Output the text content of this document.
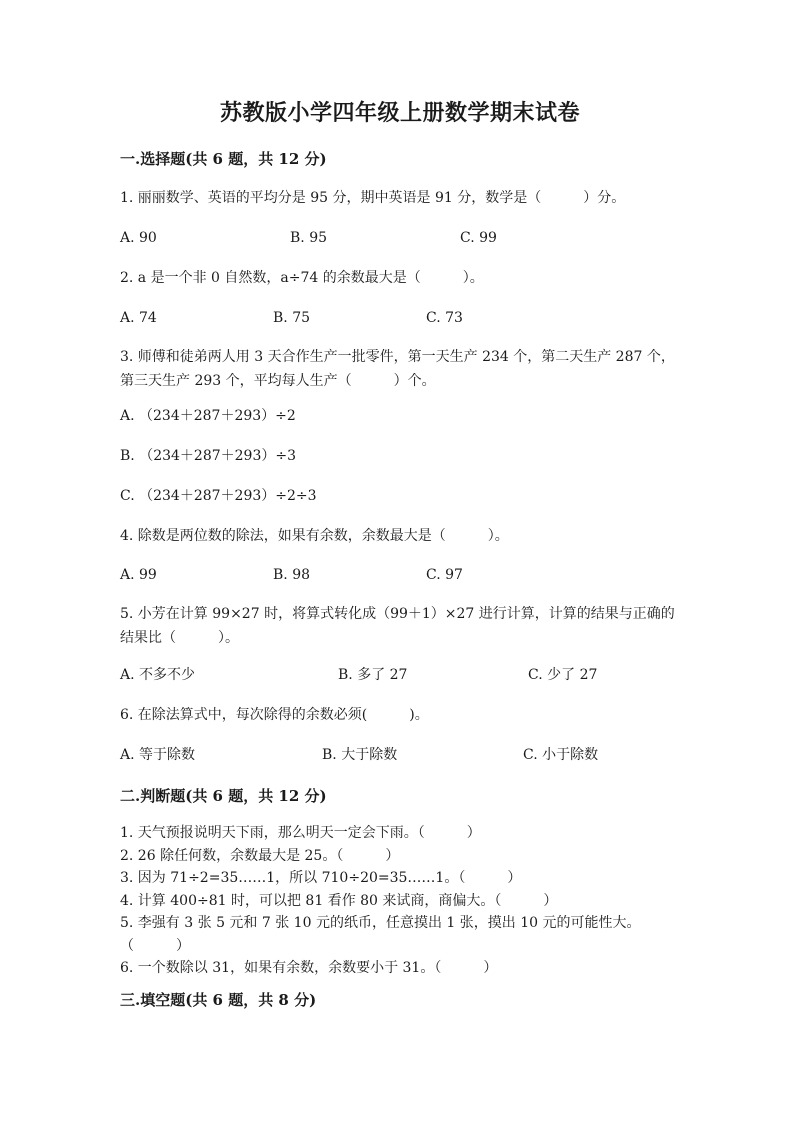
苏教版小学四年级上册数学期末试卷
一.选择题(共 6 题，共 12 分)
1. 丽丽数学、英语的平均分是 95 分，期中英语是 91 分，数学是（　　　）分。
A. 90	B. 95	C. 99
2. a 是一个非 0 自然数，a÷74 的余数最大是（　　　）。
A. 74	B. 75	C. 73
3. 师傅和徒弟两人用 3 天合作生产一批零件，第一天生产 234 个，第二天生产 287 个，第三天生产 293 个，平均每人生产（　　　）个。
A. （234＋287＋293）÷2
B. （234＋287＋293）÷3
C. （234＋287＋293）÷2÷3
4. 除数是两位数的除法，如果有余数，余数最大是（　　　）。
A. 99	B. 98	C. 97
5. 小芳在计算 99×27 时，将算式转化成（99＋1）×27 进行计算，计算的结果与正确的结果比（　　　）。
A. 不多不少	B. 多了 27	C. 少了 27
6. 在除法算式中，每次除得的余数必须(　　　)。
A. 等于除数	B. 大于除数	C. 小于除数
二.判断题(共 6 题，共 12 分)
1. 天气预报说明天下雨，那么明天一定会下雨。（　　　）
2. 26 除任何数，余数最大是 25。（　　　）
3. 因为 71÷2=35……1，所以 710÷20=35……1。（　　　）
4. 计算 400÷81 时，可以把 81 看作 80 来试商，商偏大。（　　　）
5. 李强有 3 张 5 元和 7 张 10 元的纸币，任意摸出 1 张，摸出 10 元的可能性大。　　（　　　）
6. 一个数除以 31，如果有余数，余数要小于 31。（　　　）
三.填空题(共 6 题，共 8 分)
